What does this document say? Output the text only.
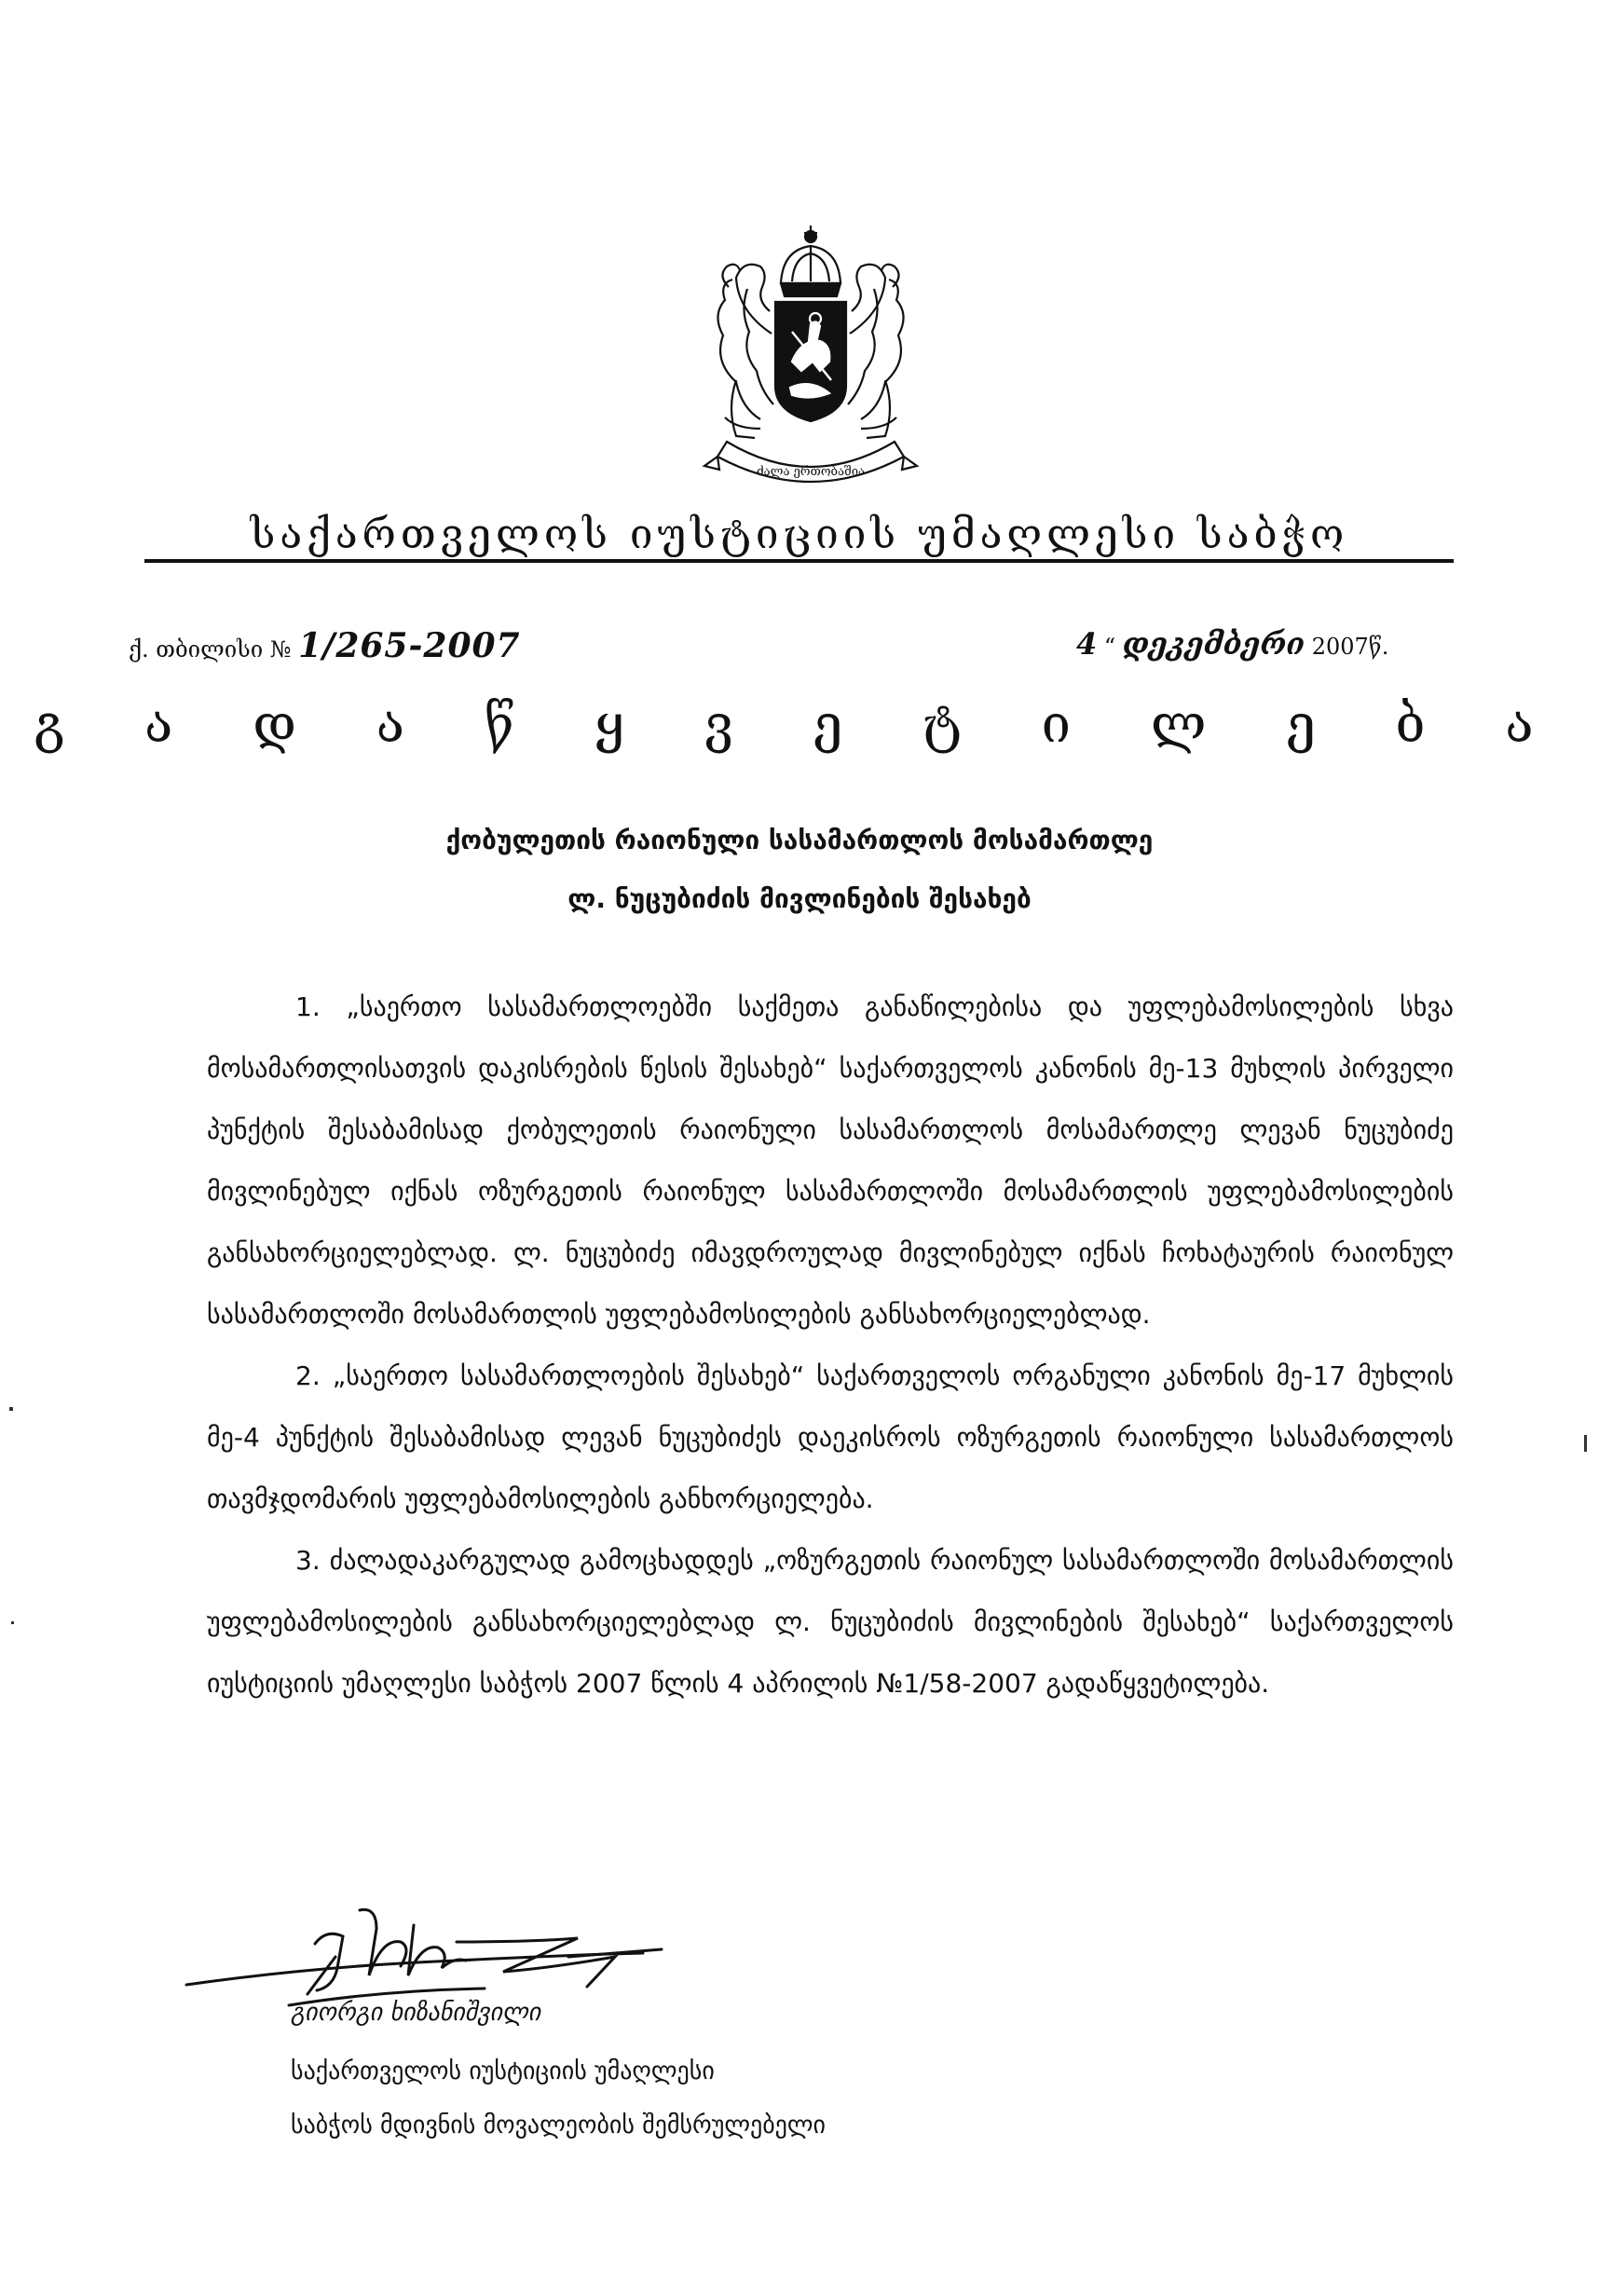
ძალა ერთობაშია
საქართველოს იუსტიციის უმაღლესი საბჭო
ქ. თბილისი № 1/265-2007	4 “ დეკემბერი 2007წ.
გ ა დ ა წ ყ ვ ე ტ ი ლ ე ბ ა
ქობულეთის რაიონული სასამართლოს მოსამართლე
ლ. ნუცუბიძის მივლინების შესახებ

1. „საერთო სასამართლოებში საქმეთა განაწილებისა და უფლებამოსილების სხვა მოსამართლისათვის დაკისრების წესის შესახებ“ საქართველოს კანონის მე-13 მუხლის პირველი პუნქტის შესაბამისად ქობულეთის რაიონული სასამართლოს მოსამართლე ლევან ნუცუბიძე მივლინებულ იქნას ოზურგეთის რაიონულ სასამართლოში მოსამართლის უფლებამოსილების განსახორციელებლად. ლ. ნუცუბიძე იმავდროულად მივლინებულ იქნას ჩოხატაურის რაიონულ სასამართლოში მოსამართლის უფლებამოსილების განსახორციელებლად.

2. „საერთო სასამართლოების შესახებ“ საქართველოს ორგანული კანონის მე-17 მუხლის მე-4 პუნქტის შესაბამისად ლევან ნუცუბიძეს დაეკისროს ოზურგეთის რაიონული სასამართლოს თავმჯდომარის უფლებამოსილების განხორციელება.

3. ძალადაკარგულად გამოცხადდეს „ოზურგეთის რაიონულ სასამართლოში მოსამართლის უფლებამოსილების განსახორციელებლად ლ. ნუცუბიძის მივლინების შესახებ“ საქართველოს იუსტიციის უმაღლესი საბჭოს 2007 წლის 4 აპრილის №1/58-2007 გადაწყვეტილება.

გიორგი ხიზანიშვილი
საქართველოს იუსტიციის უმაღლესი
საბჭოს მდივნის მოვალეობის შემსრულებელი
